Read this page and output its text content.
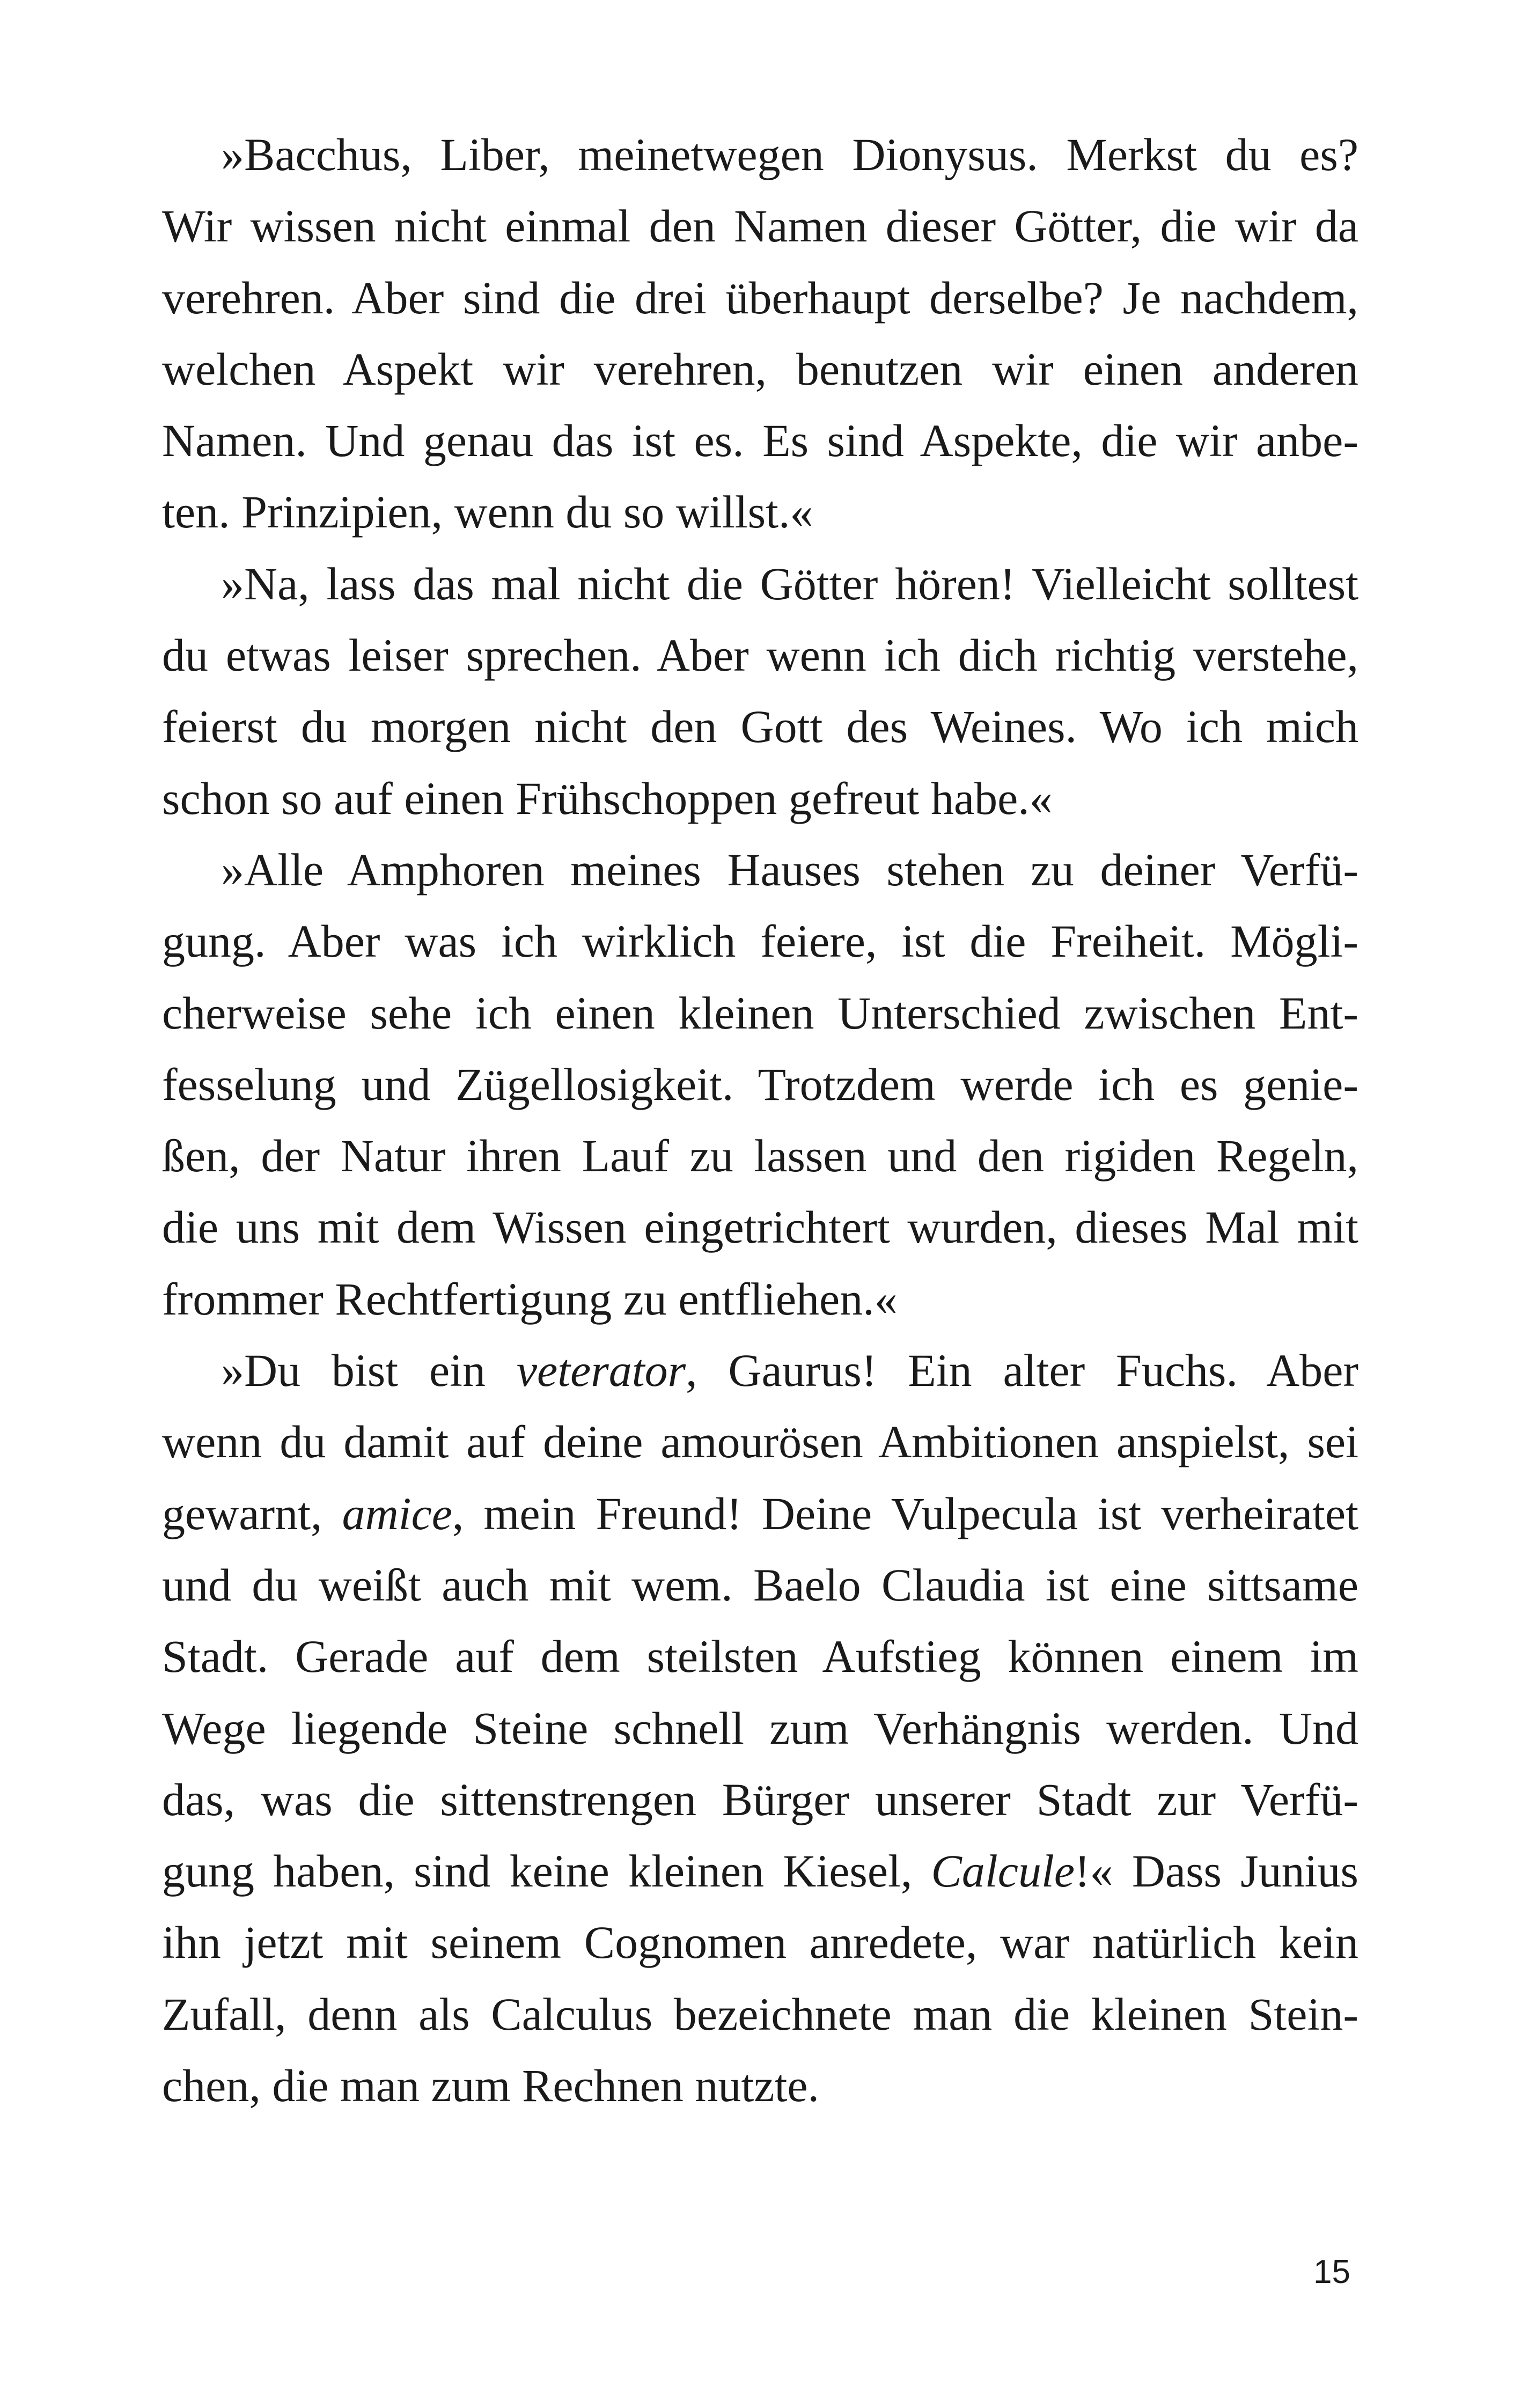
»Bacchus, Liber, meinetwegen Dionysus. Merkst du es?
Wir wissen nicht einmal den Namen dieser Götter, die wir da
verehren. Aber sind die drei überhaupt derselbe? Je nachdem,
welchen Aspekt wir verehren, benutzen wir einen anderen
Namen. Und genau das ist es. Es sind Aspekte, die wir anbe-
ten. Prinzipien, wenn du so willst.«
»Na, lass das mal nicht die Götter hören! Vielleicht solltest
du etwas leiser sprechen. Aber wenn ich dich richtig verstehe,
feierst du morgen nicht den Gott des Weines. Wo ich mich
schon so auf einen Frühschoppen gefreut habe.«
»Alle Amphoren meines Hauses stehen zu deiner Verfü-
gung. Aber was ich wirklich feiere, ist die Freiheit. Mögli-
cherweise sehe ich einen kleinen Unterschied zwischen Ent-
fesselung und Zügellosigkeit. Trotzdem werde ich es genie-
ßen, der Natur ihren Lauf zu lassen und den rigiden Regeln,
die uns mit dem Wissen eingetrichtert wurden, dieses Mal mit
frommer Rechtfertigung zu entfliehen.«
»Du bist ein veterator, Gaurus! Ein alter Fuchs. Aber
wenn du damit auf deine amourösen Ambitionen anspielst, sei
gewarnt, amice, mein Freund! Deine Vulpecula ist verheiratet
und du weißt auch mit wem. Baelo Claudia ist eine sittsame
Stadt. Gerade auf dem steilsten Aufstieg können einem im
Wege liegende Steine schnell zum Verhängnis werden. Und
das, was die sittenstrengen Bürger unserer Stadt zur Verfü-
gung haben, sind keine kleinen Kiesel, Calcule!« Dass Junius
ihn jetzt mit seinem Cognomen anredete, war natürlich kein
Zufall, denn als Calculus bezeichnete man die kleinen Stein-
chen, die man zum Rechnen nutzte.
15
